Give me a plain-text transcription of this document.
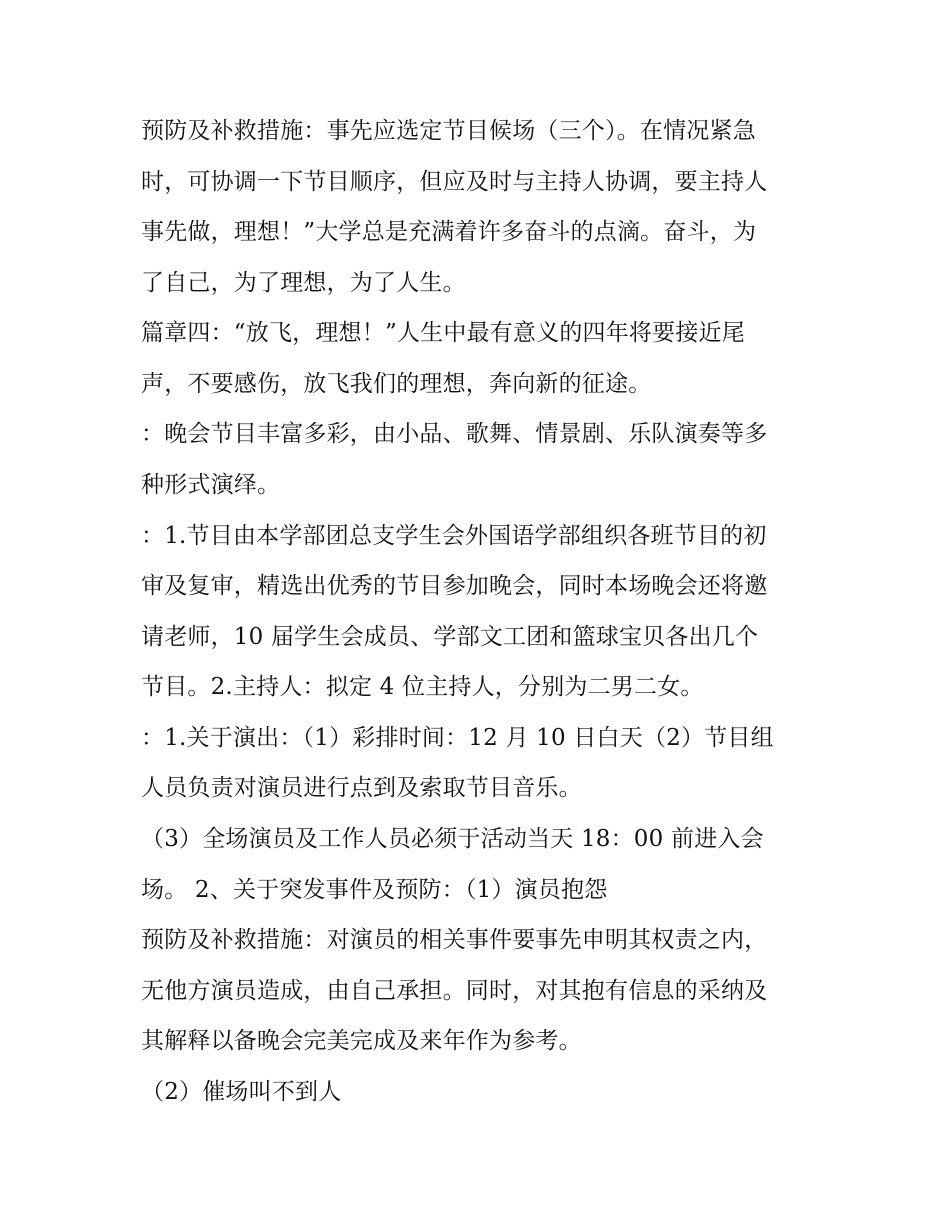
预防及补救措施：事先应选定节目候场（三个）。在情况紧急
时，可协调一下节目顺序，但应及时与主持人协调，要主持人
事先做，理想！”大学总是充满着许多奋斗的点滴。奋斗，为
了自己，为了理想，为了人生。
篇章四：“放飞，理想！”人生中最有意义的四年将要接近尾
声，不要感伤，放飞我们的理想，奔向新的征途。
：晚会节目丰富多彩，由小品、歌舞、情景剧、乐队演奏等多
种形式演绎。
：1.节目由本学部团总支学生会外国语学部组织各班节目的初
审及复审，精选出优秀的节目参加晚会，同时本场晚会还将邀
请老师，10 届学生会成员、学部文工团和篮球宝贝各出几个
节目。2.主持人：拟定 4 位主持人，分别为二男二女。
：1.关于演出：（1）彩排时间：12 月 10 日白天（2）节目组
人员负责对演员进行点到及索取节目音乐。
（3）全场演员及工作人员必须于活动当天 18：00 前进入会
场。 2、关于突发事件及预防：（1）演员抱怨
预防及补救措施：对演员的相关事件要事先申明其权责之内，
无他方演员造成，由自己承担。同时，对其抱有信息的采纳及
其解释以备晚会完美完成及来年作为参考。
（2）催场叫不到人
